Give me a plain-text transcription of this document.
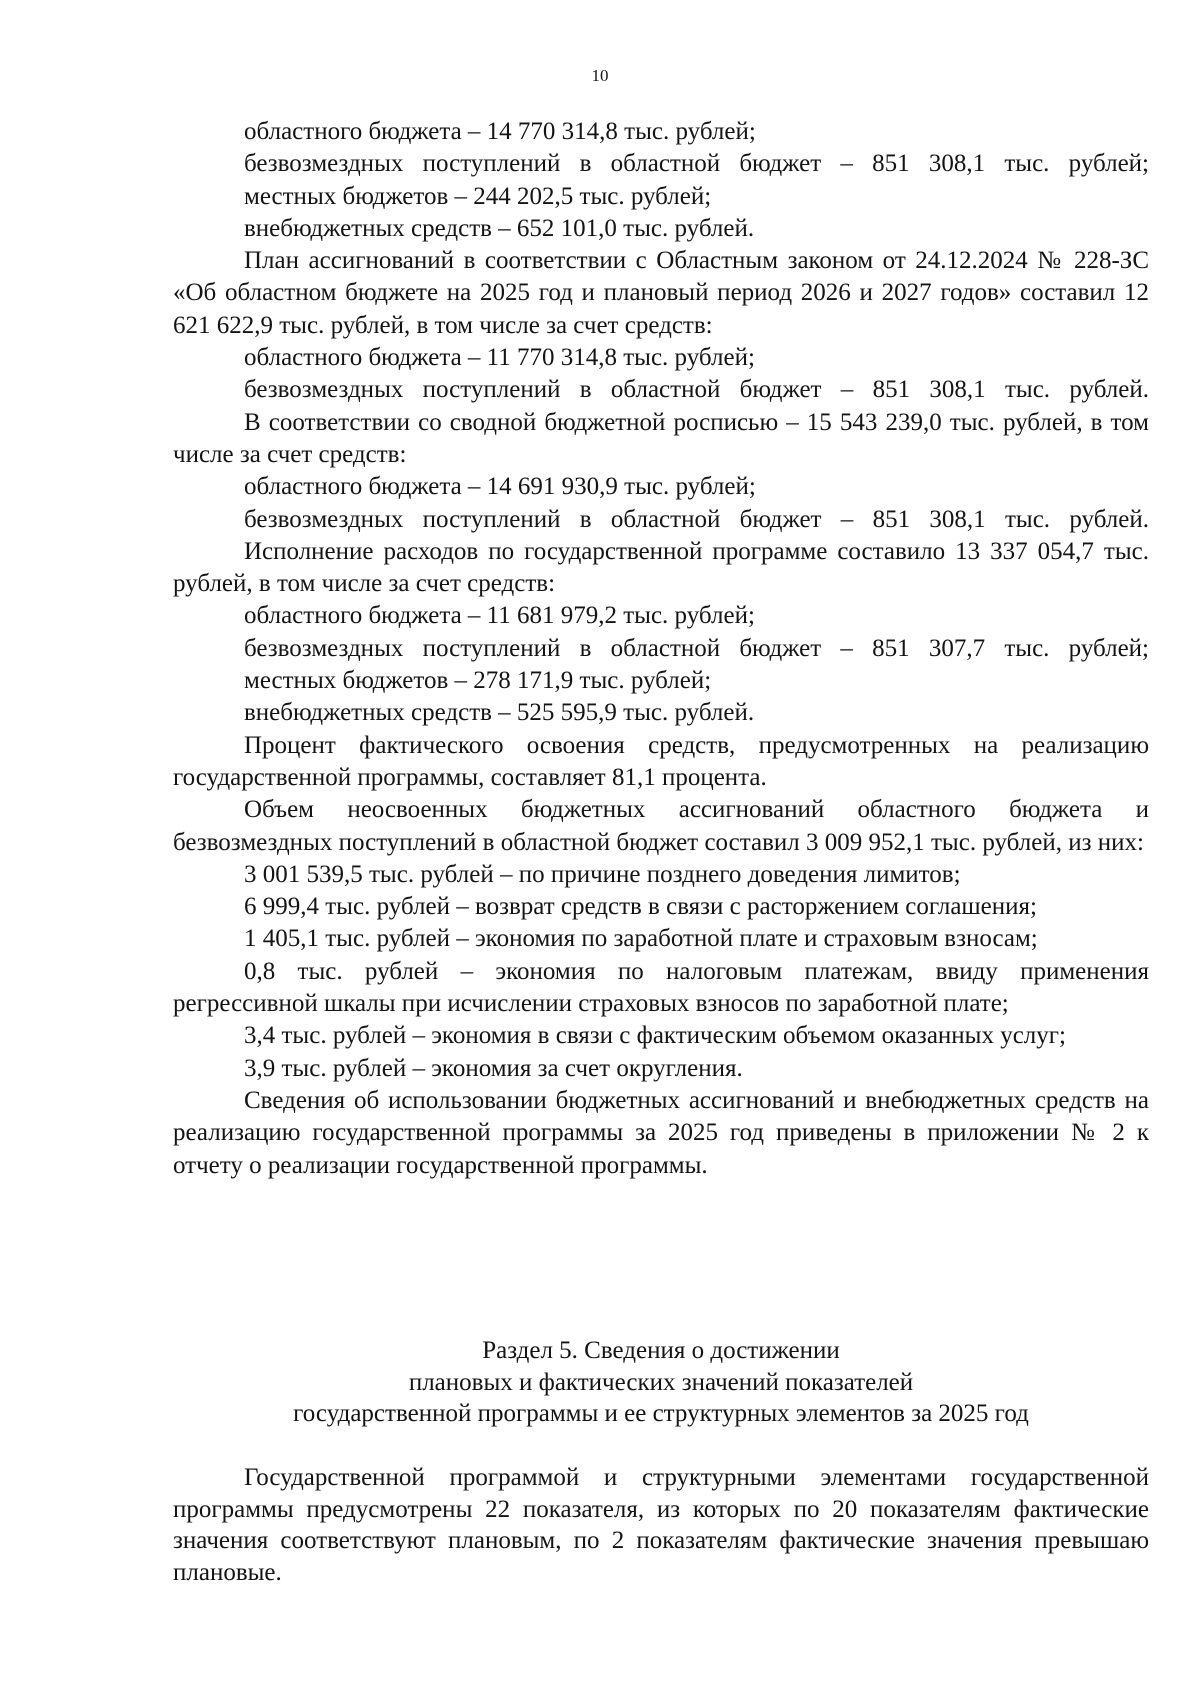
10

областного бюджета – 14 770 314,8 тыс. рублей;

безвозмездных поступлений в областной бюджет – 851 308,1 тыс. рублей;

местных бюджетов – 244 202,5 тыс. рублей;

внебюджетных средств – 652 101,0 тыс. рублей.

План ассигнований в соответствии с Областным законом от 24.12.2024 № 228-ЗС «Об областном бюджете на 2025 год и плановый период 2026 и 2027 годов» составил 12 621 622,9 тыс. рублей, в том числе за счет средств:

областного бюджета – 11 770 314,8 тыс. рублей;

безвозмездных поступлений в областной бюджет – 851 308,1 тыс. рублей.

В соответствии со сводной бюджетной росписью – 15 543 239,0 тыс. рублей, в том числе за счет средств:

областного бюджета – 14 691 930,9 тыс. рублей;

безвозмездных поступлений в областной бюджет – 851 308,1 тыс. рублей.

Исполнение расходов по государственной программе составило 13 337 054,7 тыс. рублей, в том числе за счет средств:

областного бюджета – 11 681 979,2 тыс. рублей;

безвозмездных поступлений в областной бюджет – 851 307,7 тыс. рублей;

местных бюджетов – 278 171,9 тыс. рублей;

внебюджетных средств – 525 595,9 тыс. рублей.

Процент фактического освоения средств, предусмотренных на реализацию государственной программы, составляет 81,1 процента.

Объем неосвоенных бюджетных ассигнований областного бюджета и безвозмездных поступлений в областной бюджет составил 3 009 952,1 тыс. рублей, из них:

3 001 539,5 тыс. рублей – по причине позднего доведения лимитов;

6 999,4 тыс. рублей – возврат средств в связи с расторжением соглашения;

1 405,1 тыс. рублей – экономия по заработной плате и страховым взносам;

0,8 тыс. рублей – экономия по налоговым платежам, ввиду применения регрессивной шкалы при исчислении страховых взносов по заработной плате;

3,4 тыс. рублей – экономия в связи с фактическим объемом оказанных услуг;

3,9 тыс. рублей – экономия за счет округления.

Сведения об использовании бюджетных ассигнований и внебюджетных средств на реализацию государственной программы за 2025 год приведены в приложении № 2 к отчету о реализации государственной программы.

Раздел 5. Сведения о достижении
плановых и фактических значений показателей
государственной программы и ее структурных элементов за 2025 год

Государственной программой и структурными элементами государственной программы предусмотрены 22 показателя, из которых по 20 показателям фактические значения соответствуют плановым, по 2 показателям фактические значения превышаю плановые.
